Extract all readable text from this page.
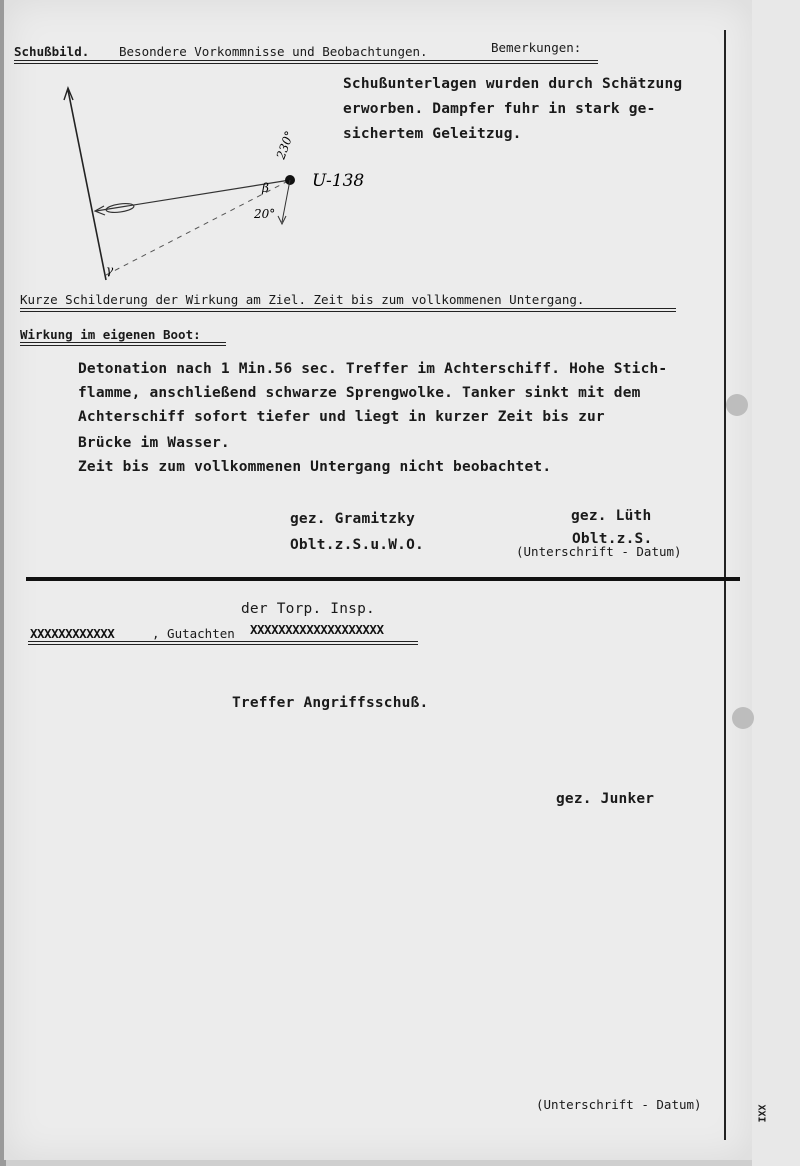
Schußbild. Besondere Vorkommnisse und Beobachtungen.	Bemerkungen:
Schußunterlagen wurden durch Schätzung
erworben. Dampfer fuhr in stark ge-
sichertem Geleitzug.
230°
20°
β
γ
U-138
Kurze Schilderung der Wirkung am Ziel. Zeit bis zum vollkommenen Untergang.
Wirkung im eigenen Boot:
Detonation nach 1 Min.56 sec. Treffer im Achterschiff. Hohe Stich-
flamme, anschließend schwarze Sprengwolke. Tanker sinkt mit dem
Achterschiff sofort tiefer und liegt in kurzer Zeit bis zur
Brücke im Wasser.
Zeit bis zum vollkommenen Untergang nicht beobachtet.
gez. Gramitzky
Oblt.z.S.u.W.O.
gez. Lüth
Oblt.z.S.
(Unterschrift - Datum)
der Torp. Insp.
XXXXXXXXXXXX	, Gutachten XXXXXXXXXXXXXXXXXXX
Treffer Angriffsschuß.
gez. Junker
(Unterschrift - Datum)	XXI
